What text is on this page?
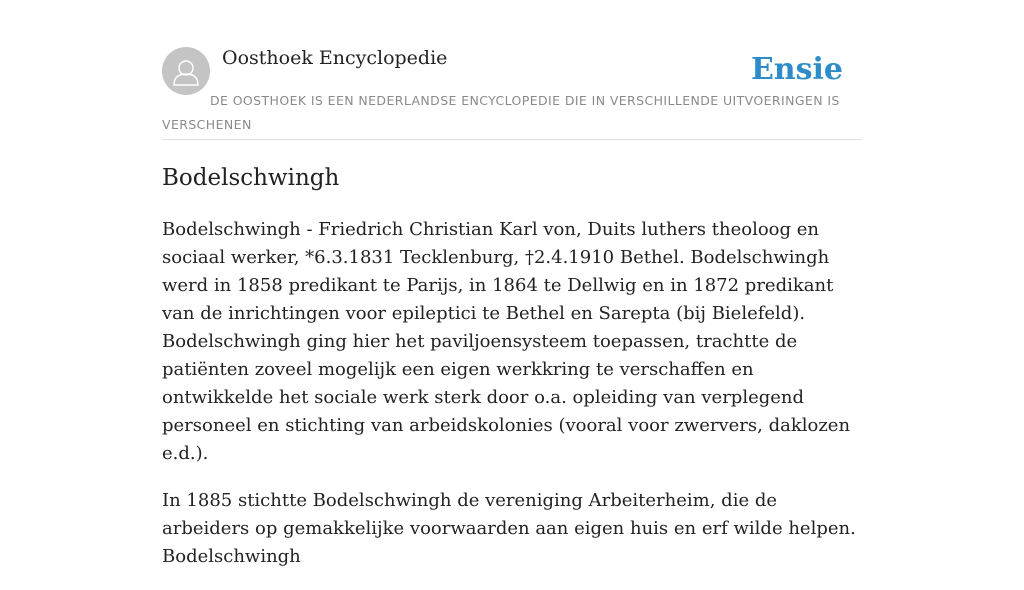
Oosthoek Encyclopedie	Ensie

DE OOSTHOEK IS EEN NEDERLANDSE ENCYCLOPEDIE DIE IN VERSCHILLENDE UITVOERINGEN IS VERSCHENEN

Bodelschwingh

Bodelschwingh - Friedrich Christian Karl von, Duits luthers theoloog en sociaal werker, *6.3.1831 Tecklenburg, †2.4.1910 Bethel. Bodelschwingh werd in 1858 predikant te Parijs, in 1864 te Dellwig en in 1872 predikant van de inrichtingen voor epileptici te Bethel en Sarepta (bij Bielefeld). Bodelschwingh ging hier het paviljoensysteem toepassen, trachtte de patiënten zoveel mogelijk een eigen werkkring te verschaffen en ontwikkelde het sociale werk sterk door o.a. opleiding van verplegend personeel en stichting van arbeidskolonies (vooral voor zwervers, daklozen e.d.).

In 1885 stichtte Bodelschwingh de vereniging Arbeiterheim, die de arbeiders op gemakkelijke voorwaarden aan eigen huis en erf wilde helpen. Bodelschwingh
